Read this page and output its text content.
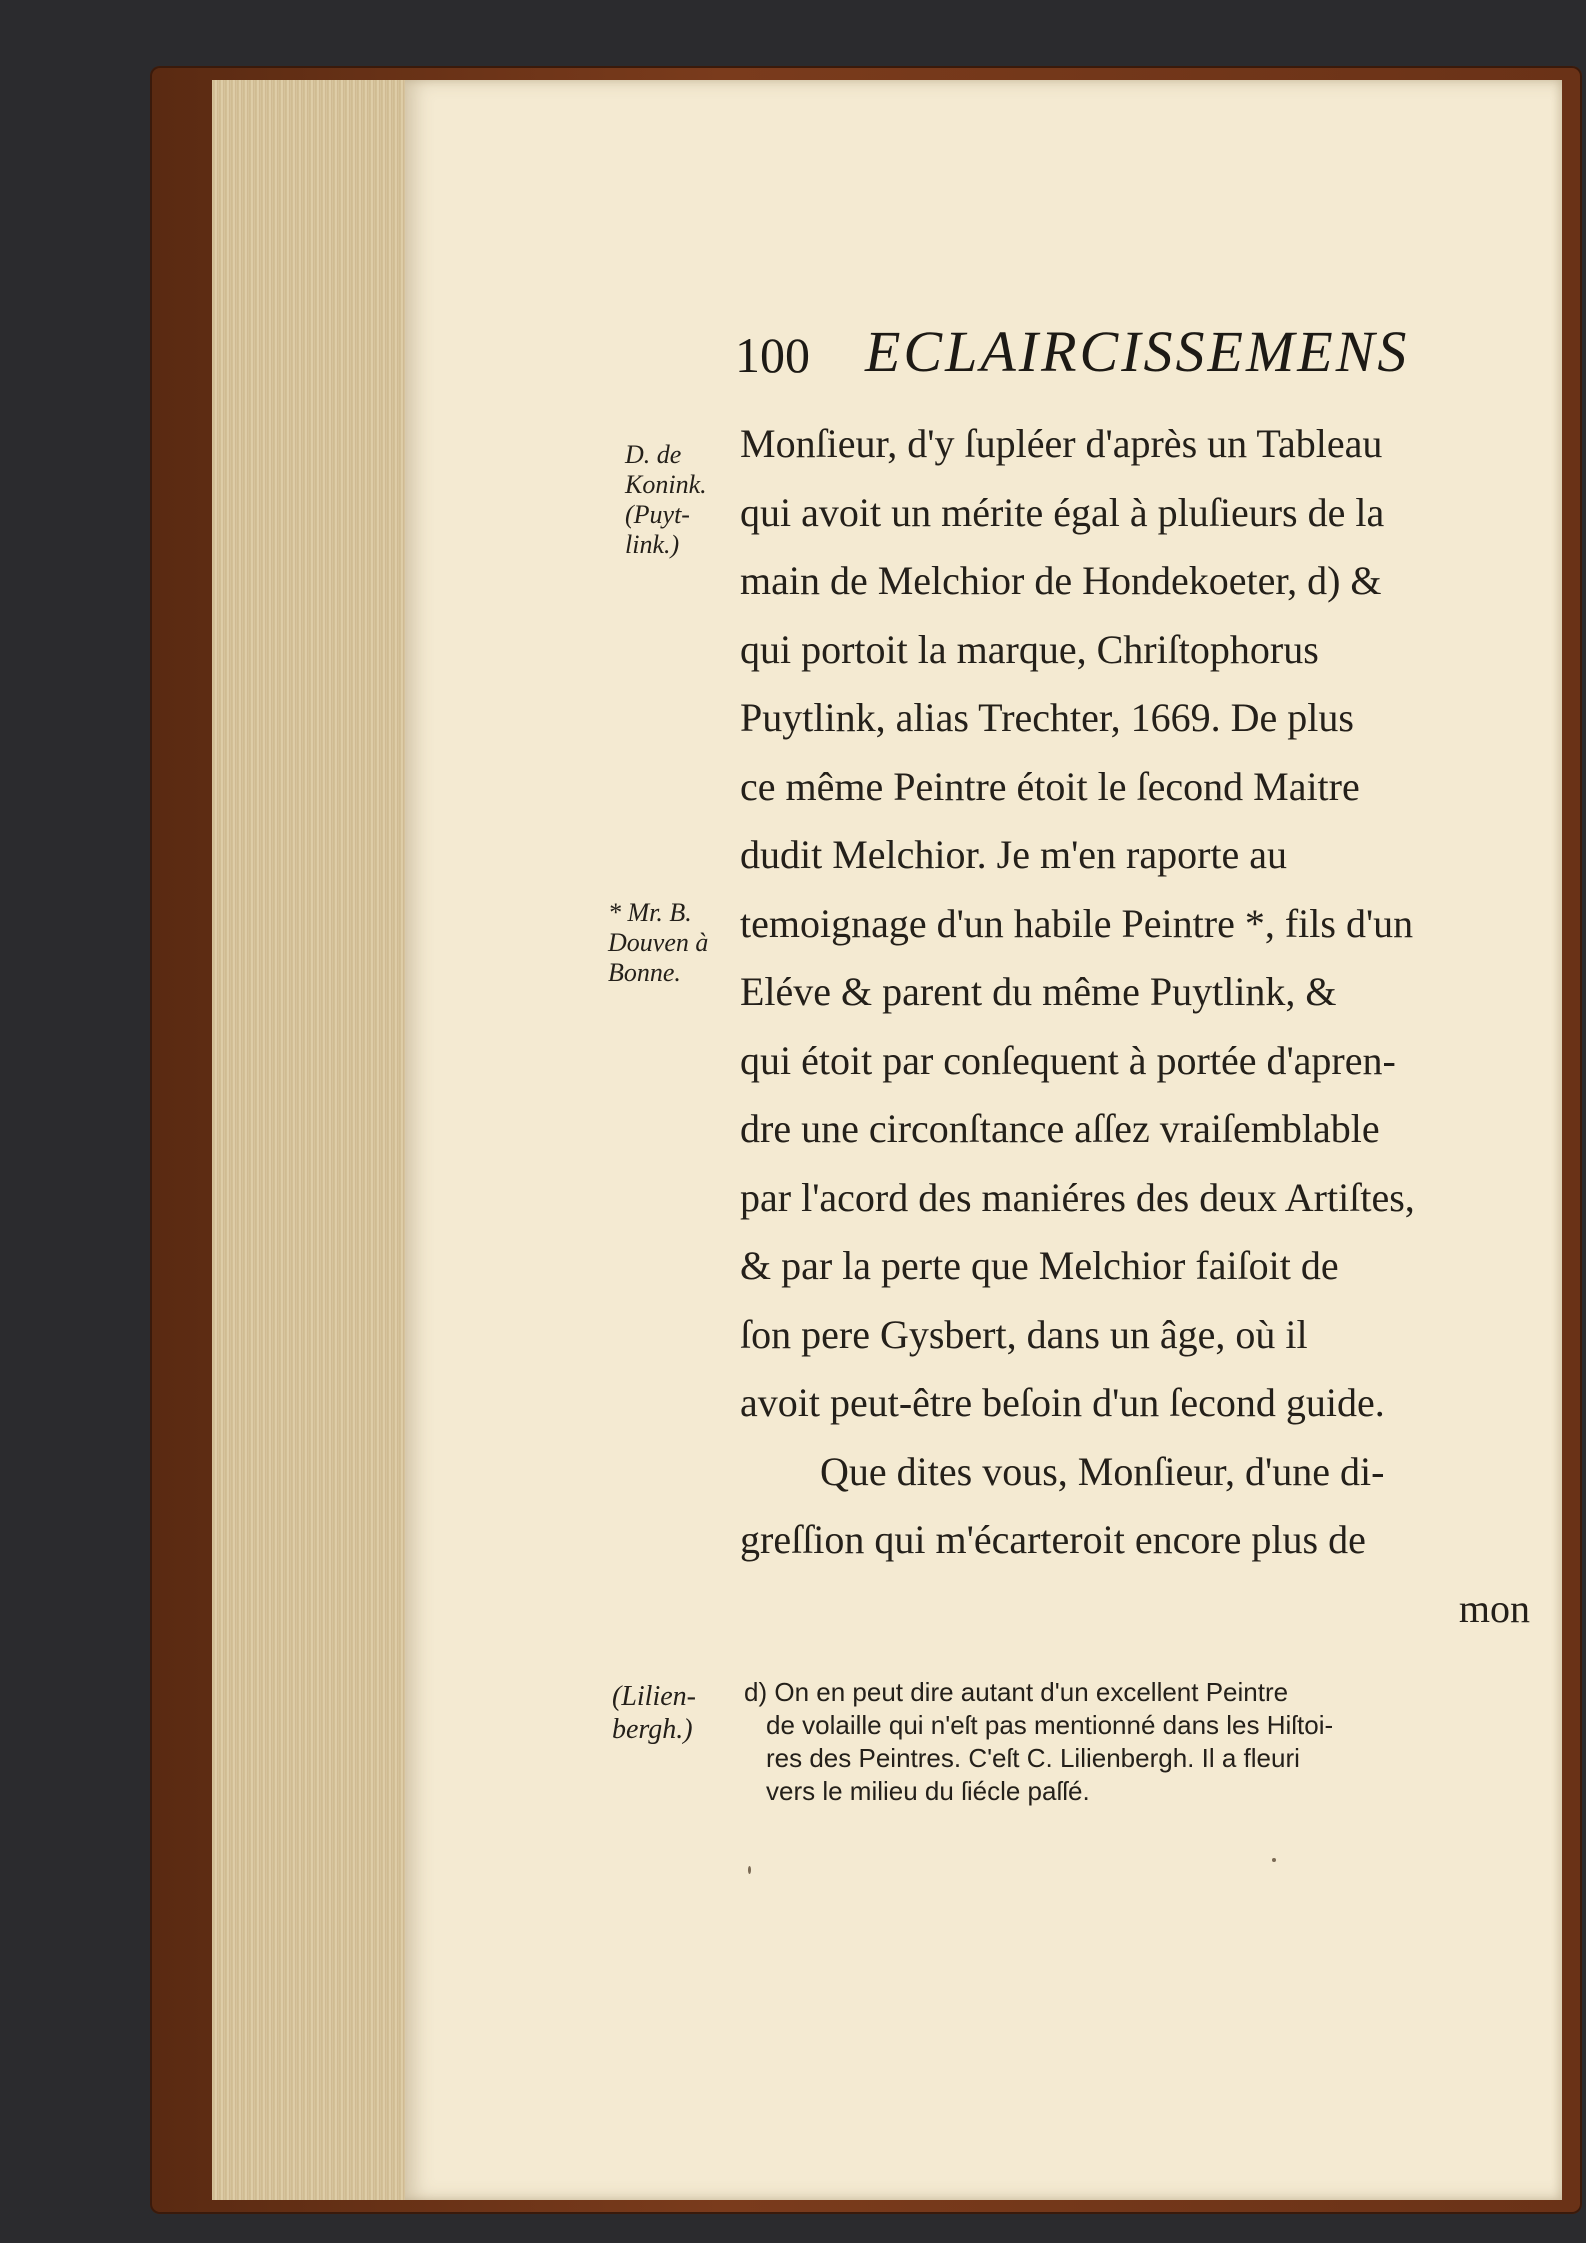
100 ECLAIRCISSEMENS
D. de Konink. (Puyt-link.)
* Mr. B. Douven à Bonne.
Monſieur, d'y ſupléer d'après un Tableau
qui avoit un mérite égal à pluſieurs de la
main de Melchior de Hondekoeter, d) &
qui portoit la marque, Chriſtophorus
Puytlink, alias Trechter, 1669. De plus
ce même Peintre étoit le ſecond Maitre
dudit Melchior. Je m'en raporte au
temoignage d'un habile Peintre *, fils d'un
Eléve & parent du même Puytlink, &
qui étoit par conſequent à portée d'apren-
dre une circonſtance aſſez vraiſemblable
par l'acord des maniéres des deux Artiſtes,
& par la perte que Melchior faiſoit de
ſon pere Gysbert, dans un âge, où il
avoit peut-être beſoin d'un ſecond guide.
Que dites vous, Monſieur, d'une di-
greſſion qui m'écarteroit encore plus de
mon
(Lilien-bergh.)
d) On en peut dire autant d'un excellent Peintre
de volaille qui n'eſt pas mentionné dans les Hiſtoi-
res des Peintres. C'eſt C. Lilienbergh. Il a fleuri
vers le milieu du ſiécle paſſé.
